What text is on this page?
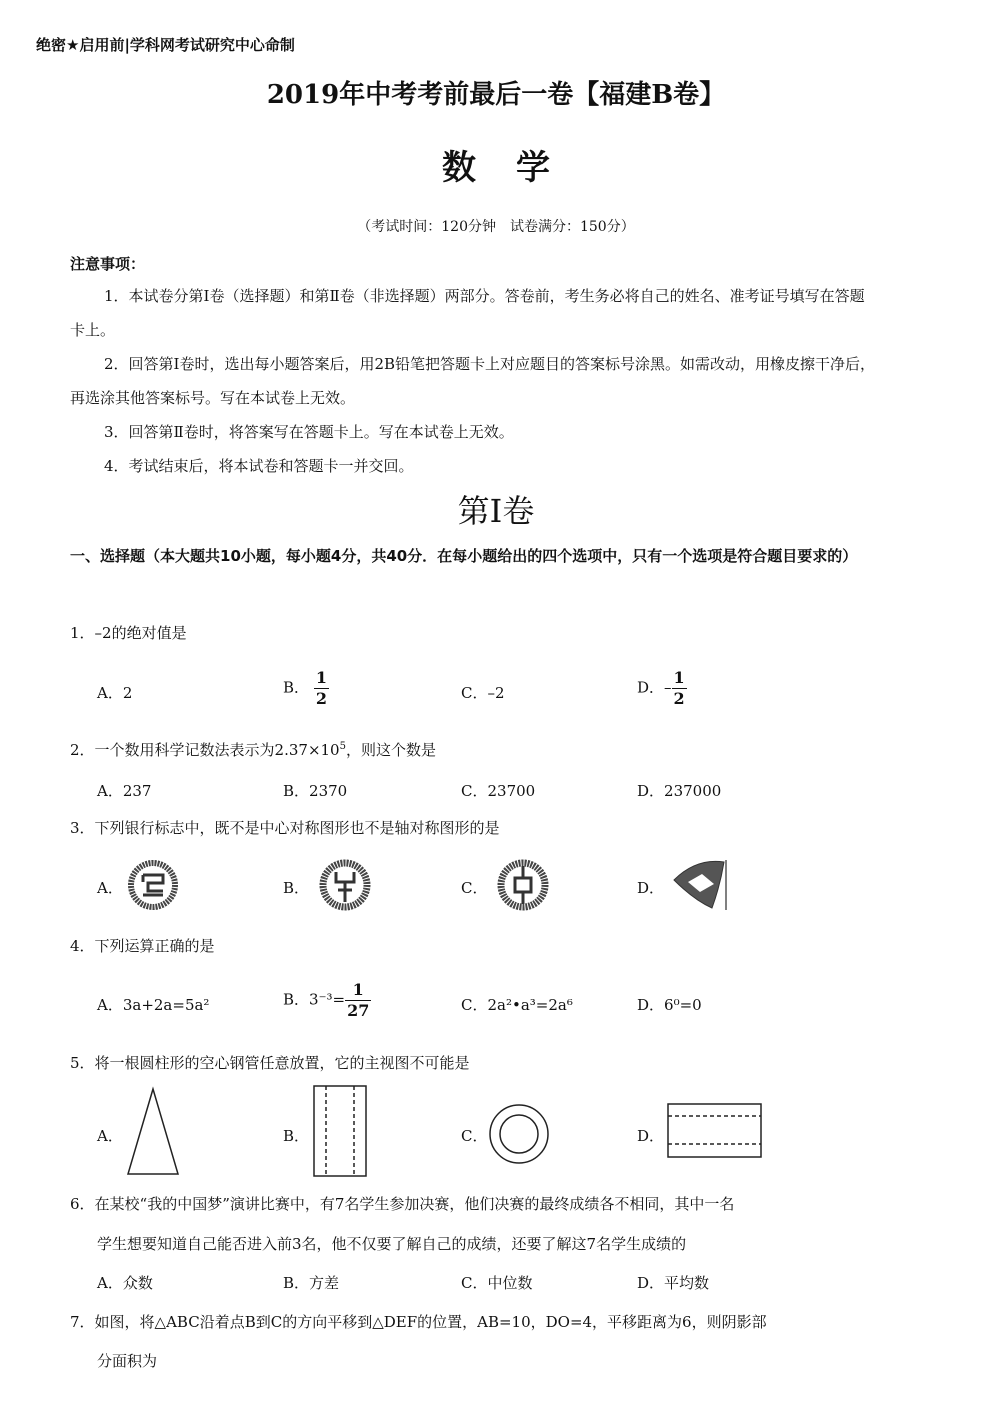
绝密★启用前|学科网考试研究中心命制
2019年中考考前最后一卷【福建B卷】
数学
（考试时间：120分钟　试卷满分：150分）
注意事项：
1．本试卷分第Ⅰ卷（选择题）和第Ⅱ卷（非选择题）两部分。答卷前，考生务必将自己的姓名、准考证号填写在答题卡上。
2．回答第Ⅰ卷时，选出每小题答案后，用2B铅笔把答题卡上对应题目的答案标号涂黑。如需改动，用橡皮擦干净后，再选涂其他答案标号。写在本试卷上无效。
3．回答第Ⅱ卷时，将答案写在答题卡上。写在本试卷上无效。
4．考试结束后，将本试卷和答题卡一并交回。
第Ⅰ卷
一、选择题（本大题共10小题，每小题4分，共40分．在每小题给出的四个选项中，只有一个选项是符合题目要求的）
1．–2的绝对值是
A．2	B． $\frac{1}{2}$	C．–2	D．– $\frac{1}{2}$
2．一个数用科学记数法表示为$2.37\times 10^5$，则这个数是
A．237	B．2370	C．23700	D．237000
3．下列银行标志中，既不是中心对称图形也不是轴对称图形的是
A．	B．	C．	D．
4．下列运算正确的是
A．3a+2a=5a²	B．$3^{-3}= \frac{1}{27}$	C．2a²•a³=2a⁶	D．6⁰=0
5．将一根圆柱形的空心钢管任意放置，它的主视图不可能是
A．	B．	C．	D．
6．在某校“我的中国梦”演讲比赛中，有7名学生参加决赛，他们决赛的最终成绩各不相同，其中一名
学生想要知道自己能否进入前3名，他不仅要了解自己的成绩，还要了解这7名学生成绩的
A．众数	B．方差	C．中位数	D．平均数
7．如图，将△ABC沿着点B到C的方向平移到△DEF的位置，AB=10，DO=4，平移距离为6，则阴影部
分面积为
